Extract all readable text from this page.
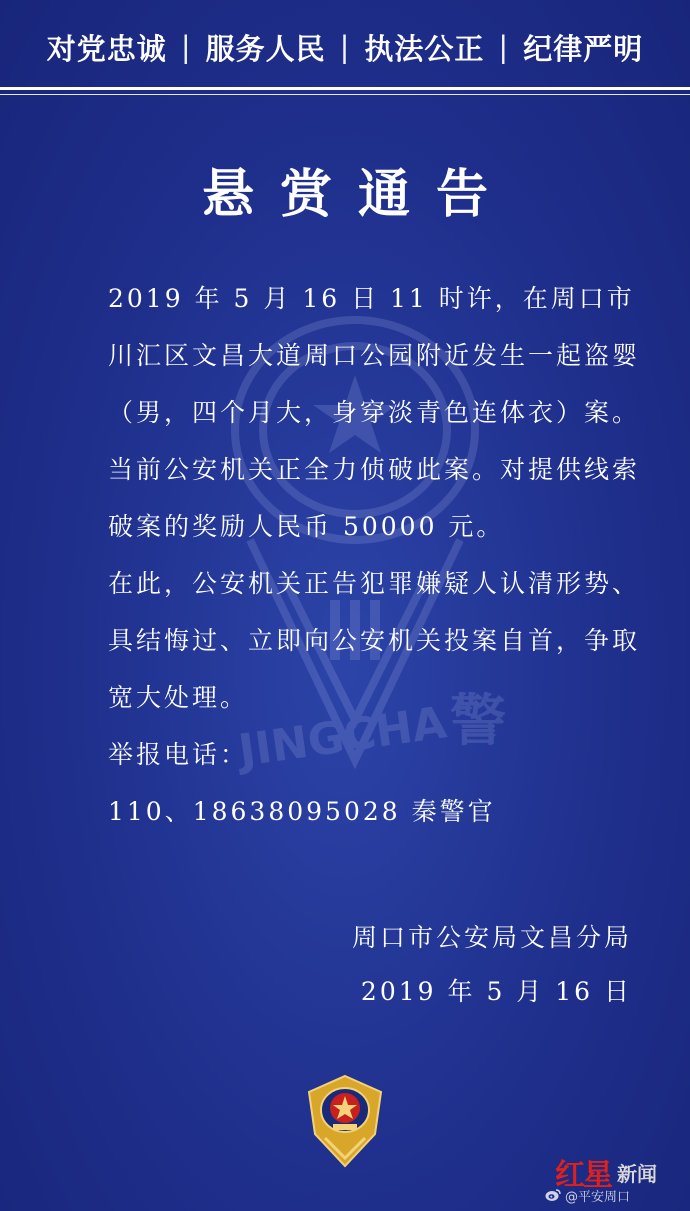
对党忠诚 | 服务人民 | 执法公正 | 纪律严明
JINGCHA 警
悬赏通告

2019 年 5 月 16 日 11 时许，在周口市川汇区文昌大道周口公园附近发生一起盗婴（男，四个月大，身穿淡青色连体衣）案。

当前公安机关正全力侦破此案。对提供线索破案的奖励人民币 50000 元。

在此，公安机关正告犯罪嫌疑人认清形势、具结悔过、立即向公安机关投案自首，争取宽大处理。

举报电话：

110、18638095028 秦警官

周口市公安局文昌分局
2019 年 5 月 16 日
红
星 新闻
@平安周口
